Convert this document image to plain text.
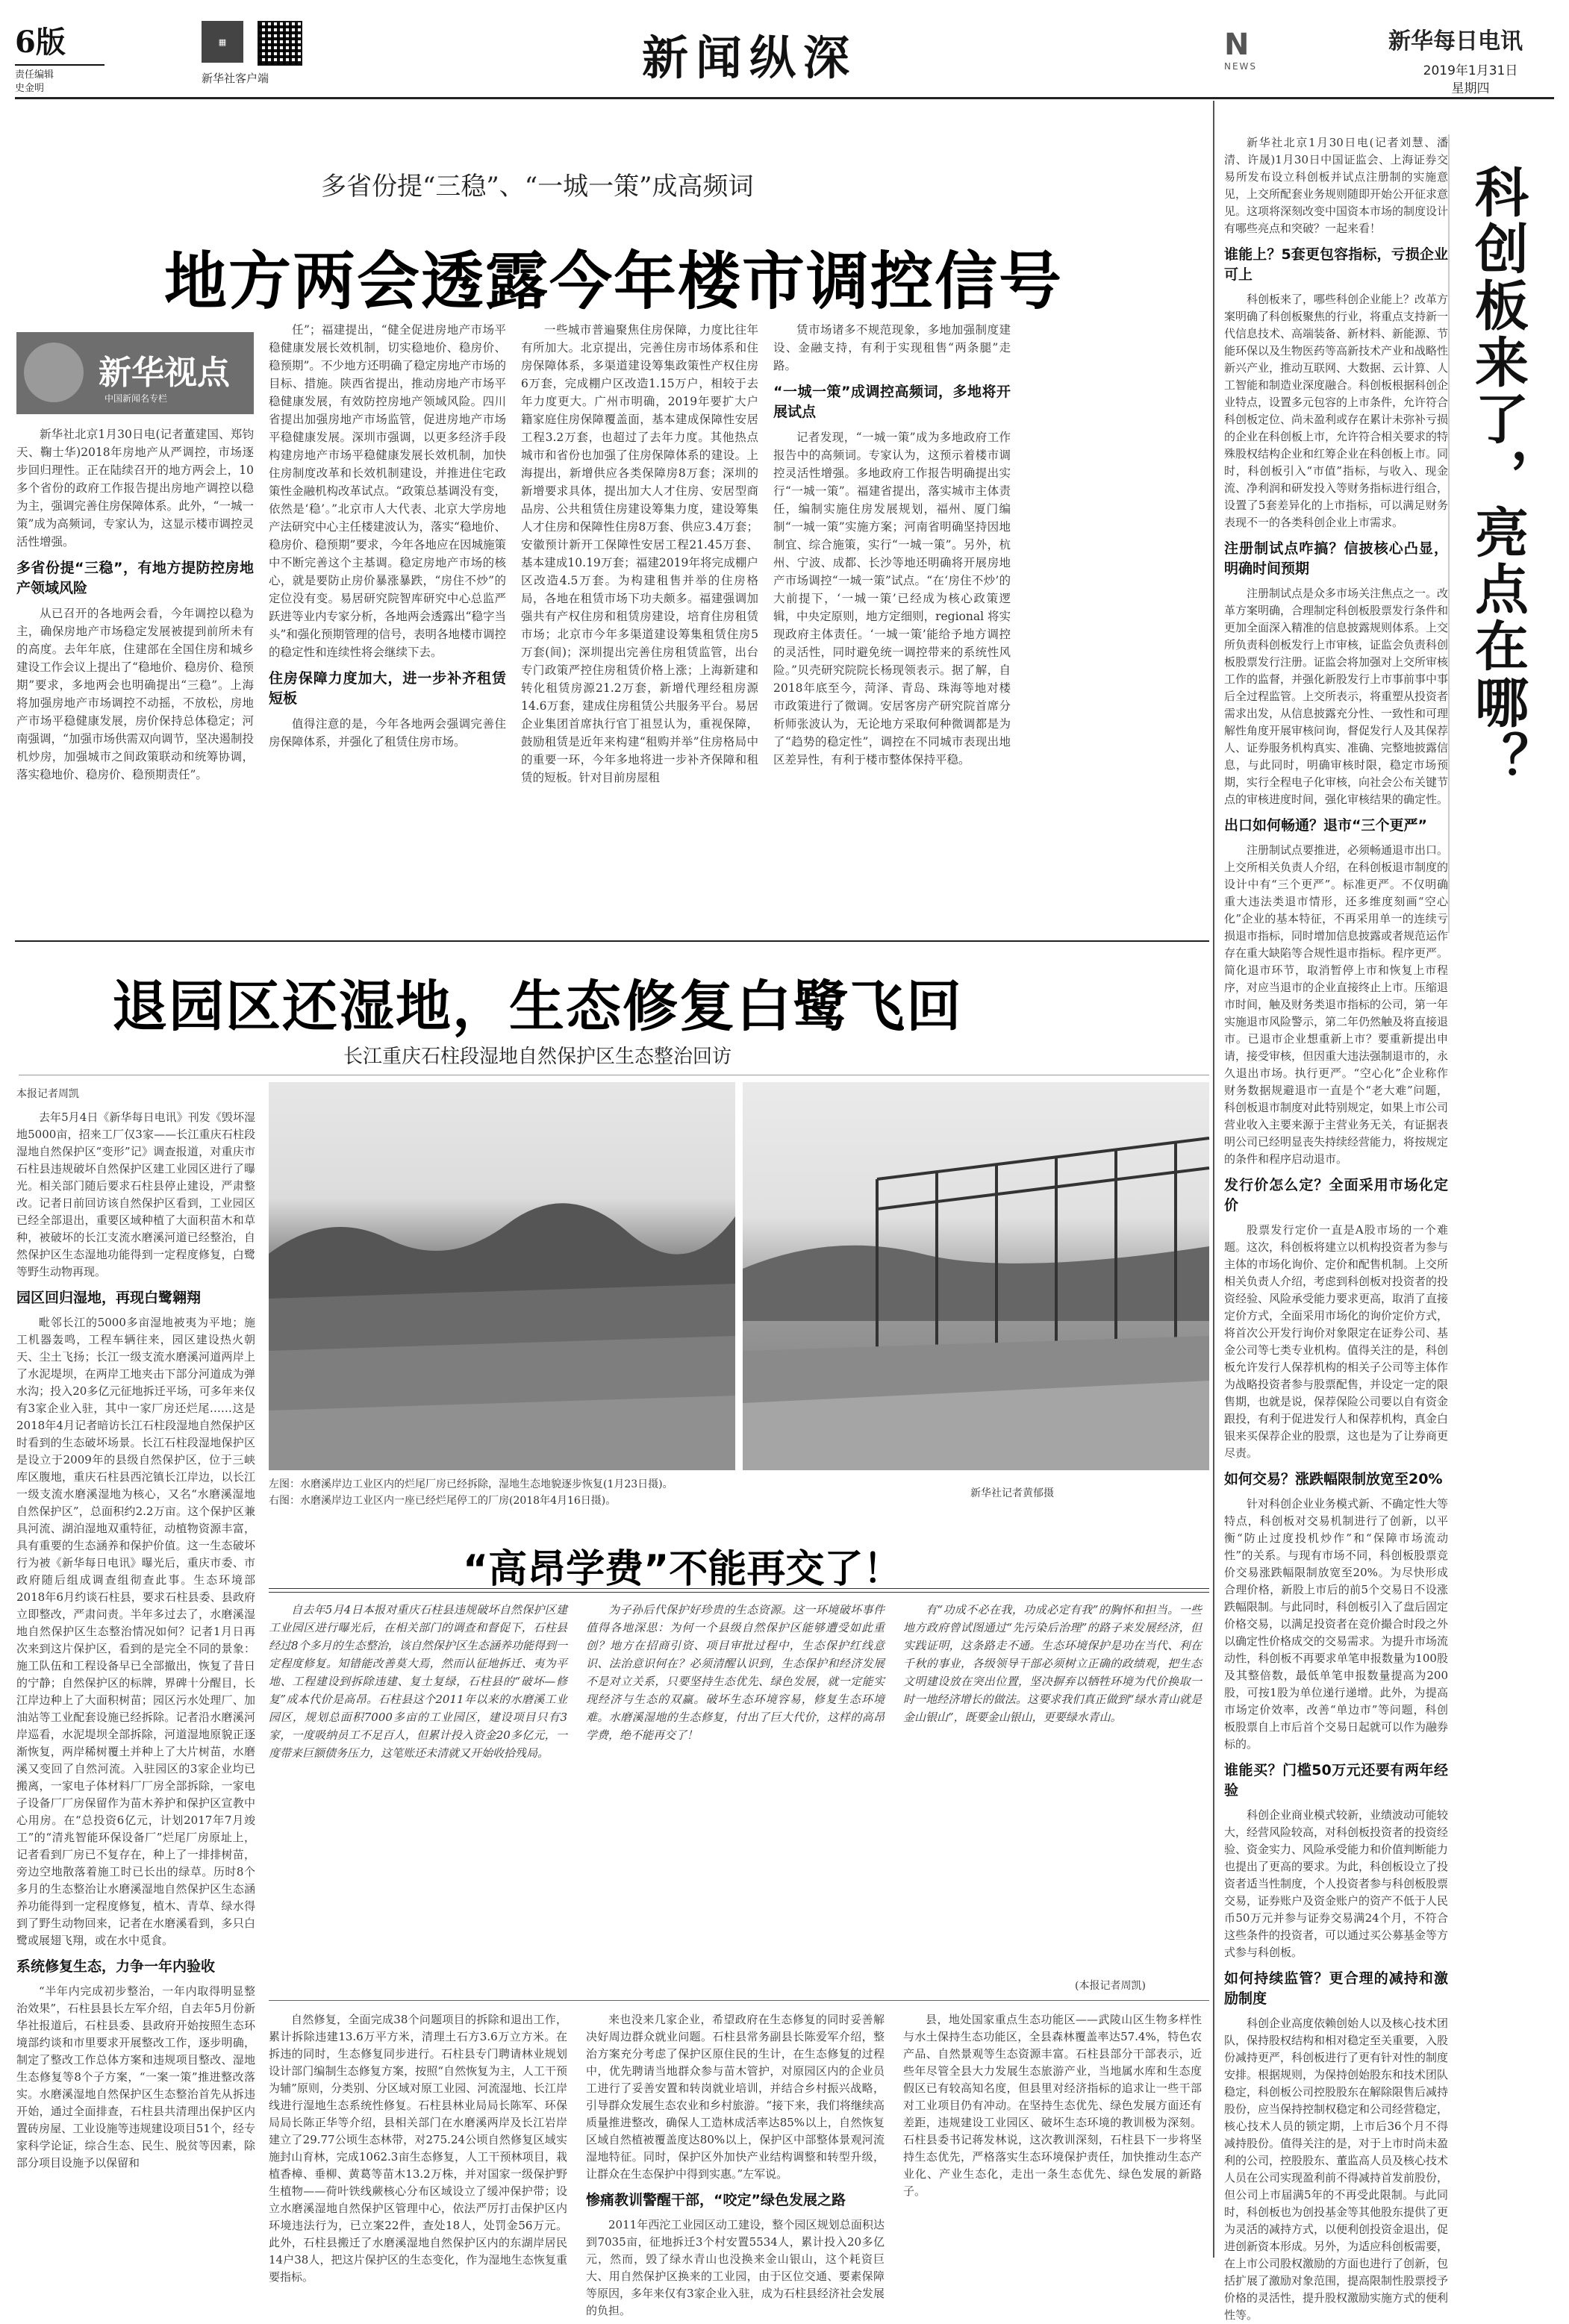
6版
责任编辑
史金明
▦
新华社客户端	新闻纵深	N
NEWS
新华每日电讯
2019年1月31日
星期四
多省份提“三稳”、“一城一策”成高频词
地方两会透露今年楼市调控信号
新华视点
中国新闻名专栏

新华社北京1月30日电(记者董建国、郑钧天、鞠士华)2018年房地产从严调控，市场逐步回归理性。正在陆续召开的地方两会上，10多个省份的政府工作报告提出房地产调控以稳为主，强调完善住房保障体系。此外，“一城一策”成为高频词，专家认为，这显示楼市调控灵活性增强。

多省份提“三稳”，有地方提防控房地产领域风险

从已召开的各地两会看，今年调控以稳为主，确保房地产市场稳定发展被提到前所未有的高度。去年年底，住建部在全国住房和城乡建设工作会议上提出了“稳地价、稳房价、稳预期”要求，多地两会也明确提出“三稳”。上海将加强房地产市场调控不动摇，不放松，房地产市场平稳健康发展，房价保持总体稳定；河南强调，“加强市场供需双向调节，坚决遏制投机炒房，加强城市之间政策联动和统筹协调，落实稳地价、稳房价、稳预期责任”。

任”；福建提出，“健全促进房地产市场平稳健康发展长效机制，切实稳地价、稳房价、稳预期”。不少地方还明确了稳定房地产市场的目标、措施。陕西省提出，推动房地产市场平稳健康发展，有效防控房地产领域风险。四川省提出加强房地产市场监管，促进房地产市场平稳健康发展。深圳市强调，以更多经济手段构建房地产市场平稳健康发展长效机制，加快住房制度改革和长效机制建设，并推进住宅政策性金融机构改革试点。“政策总基调没有变，依然是‘稳’。”北京市人大代表、北京大学房地产法研究中心主任楼建波认为，落实“稳地价、稳房价、稳预期”要求，今年各地应在因城施策中不断完善这个主基调。稳定房地产市场的核心，就是要防止房价暴涨暴跌，“房住不炒”的定位没有变。易居研究院智库研究中心总监严跃进等业内专家分析，各地两会透露出“稳字当头”和强化预期管理的信号，表明各地楼市调控的稳定性和连续性将会继续下去。

住房保障力度加大，进一步补齐租赁短板

值得注意的是，今年各地两会强调完善住房保障体系，并强化了租赁住房市场。

一些城市普遍聚焦住房保障，力度比往年有所加大。北京提出，完善住房市场体系和住房保障体系，多渠道建设筹集政策性产权住房6万套，完成棚户区改造1.15万户，相较于去年力度更大。广州市明确，2019年要扩大户籍家庭住房保障覆盖面，基本建成保障性安居工程3.2万套，也超过了去年力度。其他热点城市和省份也加强了住房保障体系的建设。上海提出，新增供应各类保障房8万套；深圳的新增要求具体，提出加大人才住房、安居型商品房、公共租赁住房建设筹集力度，建设筹集人才住房和保障性住房8万套、供应3.4万套；安徽预计新开工保障性安居工程21.45万套、基本建成10.19万套；福建2019年将完成棚户区改造4.5万套。为构建租售并举的住房格局，各地在租赁市场下功夫颇多。福建强调加强共有产权住房和租赁房建设，培育住房租赁市场；北京市今年多渠道建设筹集租赁住房5万套(间)；深圳提出完善住房租赁监管，出台专门政策严控住房租赁价格上涨；上海新建和转化租赁房源21.2万套，新增代理经租房源14.6万套，建成住房租赁公共服务平台。易居企业集团首席执行官丁祖昱认为，重视保障，鼓励租赁是近年来构建“租购并举”住房格局中的重要一环，今年多地将进一步补齐保障和租赁的短板。针对目前房屋租

赁市场诸多不规范现象，多地加强制度建设、金融支持，有利于实现租售“两条腿”走路。

“一城一策”成调控高频词，多地将开展试点

记者发现，“一城一策”成为多地政府工作报告中的高频词。专家认为，这预示着楼市调控灵活性增强。多地政府工作报告明确提出实行“一城一策”。福建省提出，落实城市主体责任，编制实施住房发展规划，福州、厦门编制“一城一策”实施方案；河南省明确坚持因地制宜、综合施策，实行“一城一策”。另外，杭州、宁波、成都、长沙等地还明确将开展房地产市场调控“一城一策”试点。“在‘房住不炒’的大前提下，‘一城一策’已经成为核心政策逻辑，中央定原则，地方定细则，regional 将实现政府主体责任。‘一城一策’能给予地方调控的灵活性，同时避免统一调控带来的系统性风险。”贝壳研究院院长杨现领表示。据了解，自2018年底至今，菏泽、青岛、珠海等地对楼市政策进行了微调。安居客房产研究院首席分析师张波认为，无论地方采取何种微调都是为了“趋势的稳定性”，调控在不同城市表现出地区差异性，有利于楼市整体保持平稳。	科创板来了，亮点在哪？

新华社北京1月30日电(记者刘慧、潘清、许晟)1月30日中国证监会、上海证券交易所发布设立科创板并试点注册制的实施意见，上交所配套业务规则随即开始公开征求意见。这项将深刻改变中国资本市场的制度设计有哪些亮点和突破？一起来看！

谁能上？5套更包容指标，亏损企业可上

科创板来了，哪些科创企业能上？改革方案明确了科创板聚焦的行业，将重点支持新一代信息技术、高端装备、新材料、新能源、节能环保以及生物医药等高新技术产业和战略性新兴产业，推动互联网、大数据、云计算、人工智能和制造业深度融合。科创板根据科创企业特点，设置多元包容的上市条件，允许符合科创板定位、尚未盈利或存在累计未弥补亏损的企业在科创板上市，允许符合相关要求的特殊股权结构企业和红筹企业在科创板上市。同时，科创板引入“市值”指标，与收入、现金流、净利润和研发投入等财务指标进行组合，设置了5套差异化的上市指标，可以满足财务表现不一的各类科创企业上市需求。

注册制试点咋搞？信披核心凸显，明确时间预期

注册制试点是众多市场关注焦点之一。改革方案明确，合理制定科创板股票发行条件和更加全面深入精准的信息披露规则体系。上交所负责科创板发行上市审核，证监会负责科创板股票发行注册。证监会将加强对上交所审核工作的监督，并强化新股发行上市事前事中事后全过程监管。上交所表示，将重塑从投资者需求出发，从信息披露充分性、一致性和可理解性角度开展审核问询，督促发行人及其保荐人、证券服务机构真实、准确、完整地披露信息，与此同时，明确审核时限，稳定市场预期，实行全程电子化审核，向社会公布关键节点的审核进度时间，强化审核结果的确定性。

出口如何畅通？退市“三个更严”

注册制试点要推进，必须畅通退市出口。上交所相关负责人介绍，在科创板退市制度的设计中有“三个更严”。标准更严。不仅明确重大违法类退市情形，还多维度刻画“空心化”企业的基本特征，不再采用单一的连续亏损退市指标，同时增加信息披露或者规范运作存在重大缺陷等合规性退市指标。程序更严。简化退市环节，取消暂停上市和恢复上市程序，对应当退市的企业直接终止上市。压缩退市时间，触及财务类退市指标的公司，第一年实施退市风险警示，第二年仍然触及将直接退市。已退市企业想重新上市？要重新提出申请，接受审核，但因重大违法强制退市的，永久退出市场。执行更严。“空心化”企业称作财务数据规避退市一直是个“老大难”问题，科创板退市制度对此特别规定，如果上市公司营业收入主要来源于主营业务无关，有证据表明公司已经明显丧失持续经营能力，将按规定的条件和程序启动退市。

发行价怎么定？全面采用市场化定价

股票发行定价一直是A股市场的一个难题。这次，科创板将建立以机构投资者为参与主体的市场化询价、定价和配售机制。上交所相关负责人介绍，考虑到科创板对投资者的投资经验、风险承受能力要求更高，取消了直接定价方式，全面采用市场化的询价定价方式，将首次公开发行询价对象限定在证券公司、基金公司等七类专业机构。值得关注的是，科创板允许发行人保荐机构的相关子公司等主体作为战略投资者参与股票配售，并设定一定的限售期，也就是说，保荐保险公司要以自有资金跟投，有利于促进发行人和保荐机构，真金白银来买保荐企业的股票，这也是为了让券商更尽责。

如何交易？涨跌幅限制放宽至20%

针对科创企业业务模式新、不确定性大等特点，科创板对交易机制进行了创新，以平衡“防止过度投机炒作”和“保障市场流动性”的关系。与现有市场不同，科创板股票竞价交易涨跌幅限制放宽至20%。为尽快形成合理价格，新股上市后的前5个交易日不设涨跌幅限制。与此同时，科创板引入了盘后固定价格交易，以满足投资者在竞价撮合时段之外以确定性价格成交的交易需求。为提升市场流动性，科创板不再要求单笔申报数量为100股及其整倍数，最低单笔申报数量提高为200股，可按1股为单位递行递增。此外，为提高市场定价效率，改善“单边市”等问题，科创板股票自上市后首个交易日起就可以作为融券标的。

谁能买？门槛50万元还要有两年经验

科创企业商业模式较新，业绩波动可能较大，经营风险较高，对科创板投资者的投资经验、资金实力、风险承受能力和价值判断能力也提出了更高的要求。为此，科创板设立了投资者适当性制度，个人投资者参与科创板股票交易，证券账户及资金账户的资产不低于人民币50万元并参与证券交易满24个月，不符合这些条件的投资者，可以通过买公募基金等方式参与科创板。

如何持续监管？更合理的减持和激励制度

科创企业高度依赖创始人以及核心技术团队，保持股权结构和相对稳定至关重要，入股份减持更严，科创板进行了更有针对性的制度安排。根据规则，为保持创始股东和技术团队稳定，科创板公司控股股东在解除限售后减持股份，应当保持控制权稳定和公司经营稳定，核心技术人员的锁定期，上市后36个月不得减持股份。值得关注的是，对于上市时尚未盈利的公司，控股股东、董监高人员及核心技术人员在公司实现盈利前不得减持首发前股份，但公司上市届满5年的不再受此限制。与此同时，科创板也为创投基金等其他股东提供了更为灵活的减持方式，以便利创投资金退出，促进创新资本形成。另外，为适应科创板需要，在上市公司股权激励的方面也进行了创新，包括扩展了激励对象范围，提高限制性股票授予价格的灵活性，提升股权激励实施方式的便利性等。

退园区还湿地，生态修复白鹭飞回
长江重庆石柱段湿地自然保护区生态整治回访
本报记者周凯

去年5月4日《新华每日电讯》刊发《毁坏湿地5000亩，招来工厂仅3家——长江重庆石柱段湿地自然保护区“变形”记》调查报道，对重庆市石柱县违规破坏自然保护区建工业园区进行了曝光。相关部门随后要求石柱县停止建设，严肃整改。记者日前回访该自然保护区看到，工业园区已经全部退出，重要区域种植了大面积苗木和草种，被破坏的长江支流水磨溪河道已经整治，自然保护区生态湿地功能得到一定程度修复，白鹭等野生动物再现。

园区回归湿地，再现白鹭翱翔

毗邻长江的5000多亩湿地被夷为平地；施工机器轰鸣，工程车辆往来，园区建设热火朝天、尘土飞扬；长江一级支流水磨溪河道两岸上了水泥堤坝，在两岸工地夹击下部分河道成为弹水沟；投入20多亿元征地拆迁平场，可多年来仅有3家企业入驻，其中一家厂房还烂尾……这是2018年4月记者暗访长江石柱段湿地自然保护区时看到的生态破坏场景。长江石柱段湿地保护区是设立于2009年的县级自然保护区，位于三峡库区腹地，重庆石柱县西沱镇长江岸边，以长江一级支流水磨溪湿地为核心，又名“水磨溪湿地自然保护区”，总面积约2.2万亩。这个保护区兼具河流、湖泊湿地双重特征，动植物资源丰富，具有重要的生态涵养和保护价值。这一生态破坏行为被《新华每日电讯》曝光后，重庆市委、市政府随后组成调查组彻查此事。生态环境部2018年6月约谈石柱县，要求石柱县委、县政府立即整改，严肃问责。半年多过去了，水磨溪湿地自然保护区生态整治情况如何？记者1月日再次来到这片保护区，看到的是完全不同的景象：施工队伍和工程设备早已全部撤出，恢复了昔日的宁静；自然保护区的标牌，界碑十分醒目，长江岸边种上了大面积树苗；园区污水处理厂、加油站等工业配套设施已经拆除。记者沿水磨溪河岸巡看，水泥堤坝全部拆除，河道湿地原貌正逐渐恢复，两岸稀树覆土并种上了大片树苗，水磨溪又变回了自然河流。入驻园区的3家企业均已搬离，一家电子体材料厂厂房全部拆除，一家电子设备厂厂房保留作为苗木养护和保护区宣教中心用房。在“总投资6亿元，计划2017年7月竣工”的“清兆智能环保设备厂”烂尾厂房原址上，记者看到厂房已不复存在，种上了一排排树苗，旁边空地散落着施工时已长出的绿草。历时8个多月的生态整治让水磨溪湿地自然保护区生态涵养功能得到一定程度修复，植木、青草、绿水得到了野生动物回来，记者在水磨溪看到，多只白鹭或展翅飞翔，或在水中觅食。

系统修复生态，力争一年内验收

“半年内完成初步整治，一年内取得明显整治效果”，石柱县县长左军介绍，自去年5月份新华社报道后，石柱县委、县政府开始按照生态环境部约谈和市里要求开展整改工作，逐步明确，制定了整改工作总体方案和违规项目整改、湿地生态修复等8个子方案，“一案一策”推进整改落实。水磨溪湿地自然保护区生态整治首先从拆违开始，通过全面排查，石柱县共清理出保护区内置砖房屋、工业设施等违规建设项目51个，经专家科学论证，综合生态、民生、脱贫等因素，除部分项目设施予以保留和

左图：水磨溪岸边工业区内的烂尾厂房已经拆除，湿地生态地貌逐步恢复(1月23日摄)。
右图：水磨溪岸边工业区内一座已经烂尾停工的厂房(2018年4月16日摄)。
新华社记者黄郁摄
“高昂学费”不能再交了！

自去年5月4日本报对重庆石柱县违规破坏自然保护区建工业园区进行曝光后，在相关部门的调查和督促下，石柱县经过8个多月的生态整治，该自然保护区生态涵养功能得到一定程度修复。知错能改善莫大焉，然而认征地拆迁、夷为平地、工程建设到拆除违建、复土复绿，石柱县的“破坏—修复”成本代价是高昂。石柱县这个2011年以来的水磨溪工业园区，规划总面积7000多亩的工业园区，建设项目只有3家，一度吸纳员工不足百人，但累计投入资金20多亿元，一度带来巨额债务压力，这笔账还未清就又开始收拾残局。

为子孙后代保护好珍贵的生态资源。这一环境破坏事件值得各地深思：为何一个县级自然保护区能够遭受如此重创？地方在招商引资、项目审批过程中，生态保护红线意识、法治意识何在？必须清醒认识到，生态保护和经济发展不是对立关系，只要坚持生态优先、绿色发展，就一定能实现经济与生态的双赢。破坏生态环境容易，修复生态环境难。水磨溪湿地的生态修复，付出了巨大代价，这样的高昂学费，绝不能再交了！

有“功成不必在我，功成必定有我”的胸怀和担当。一些地方政府曾试图通过“先污染后治理”的路子来发展经济，但实践证明，这条路走不通。生态环境保护是功在当代、利在千秋的事业，各级领导干部必须树立正确的政绩观，把生态文明建设放在突出位置，坚决摒弃以牺牲环境为代价换取一时一地经济增长的做法。这要求我们真正做到“绿水青山就是金山银山”，既要金山银山，更要绿水青山。

(本报记者周凯)

自然修复，全面完成38个问题项目的拆除和退出工作，累计拆除违建13.6万平方米，清理土石方3.6万立方米。在拆违的同时，生态修复同步进行。石柱县专门聘请林业规划设计部门编制生态修复方案，按照“自然恢复为主，人工干预为辅”原则，分类别、分区域对原工业园、河流湿地、长江岸线进行湿地生态系统性修复。石柱县林业局局长陈军、环保局局长陈正华等介绍，县相关部门在水磨溪两岸及长江岩岸建立了29.77公顷生态林带，对275.24公顷自然修复区域实施封山育林，完成1062.3亩生态修复，人工干预林项目，栽植香樟、垂柳、黄葛等苗木13.2万株，并对国家一级保护野生植物——荷叶铁线蕨核心分布区域设立了缓冲保护带；设立水磨溪湿地自然保护区管理中心，依法严厉打击保护区内环境违法行为，已立案22件，查处18人，处罚金56万元。此外，石柱县搬迁了水磨溪湿地自然保护区内的东湖岸居民14户38人，把这片保护区的生态变化，作为湿地生态恢复重要指标。

来也没来几家企业，希望政府在生态修复的同时妥善解决好周边群众就业问题。石柱县常务副县长陈爱军介绍，整治方案充分考虑了保护区原住民的生计，在生态修复的过程中，优先聘请当地群众参与苗木管护，对原园区内的企业员工进行了妥善安置和转岗就业培训，并结合乡村振兴战略，引导群众发展生态农业和乡村旅游。“接下来，我们将继续高质量推进整改，确保人工造林成活率达85%以上，自然恢复区域自然植被覆盖度达80%以上，保护区中部整体景观河流湿地特征。同时，保护区外加快产业结构调整和转型升级，让群众在生态保护中得到实惠。”左军说。

惨痛教训警醒干部，“咬定”绿色发展之路

2011年西沱工业园区动工建设，整个园区规划总面积达到7035亩，征地拆迁3个村安置5534人，累计投入20多亿元，然而，毁了绿水青山也没换来金山银山，这个耗资巨大、用自然保护区换来的工业园，由于区位交通、要素保障等原因，多年来仅有3家企业入驻，成为石柱县经济社会发展的负担。

县，地处国家重点生态功能区——武陵山区生物多样性与水土保持生态功能区，全县森林覆盖率达57.4%，特色农产品、自然景观等生态资源丰富。石柱县部分干部表示，近些年尽管全县大力发展生态旅游产业，当地属水库和生态度假区已有较高知名度，但县里对经济指标的追求让一些干部对工业项目仍有冲动。在坚持生态优先、绿色发展方面还有差距，违规建设工业园区、破坏生态环境的教训极为深刻。石柱县委书记蒋发林说，这次教训深刻，石柱县下一步将坚持生态优先，严格落实生态环境保护责任，加快推动生态产业化、产业生态化，走出一条生态优先、绿色发展的新路子。
